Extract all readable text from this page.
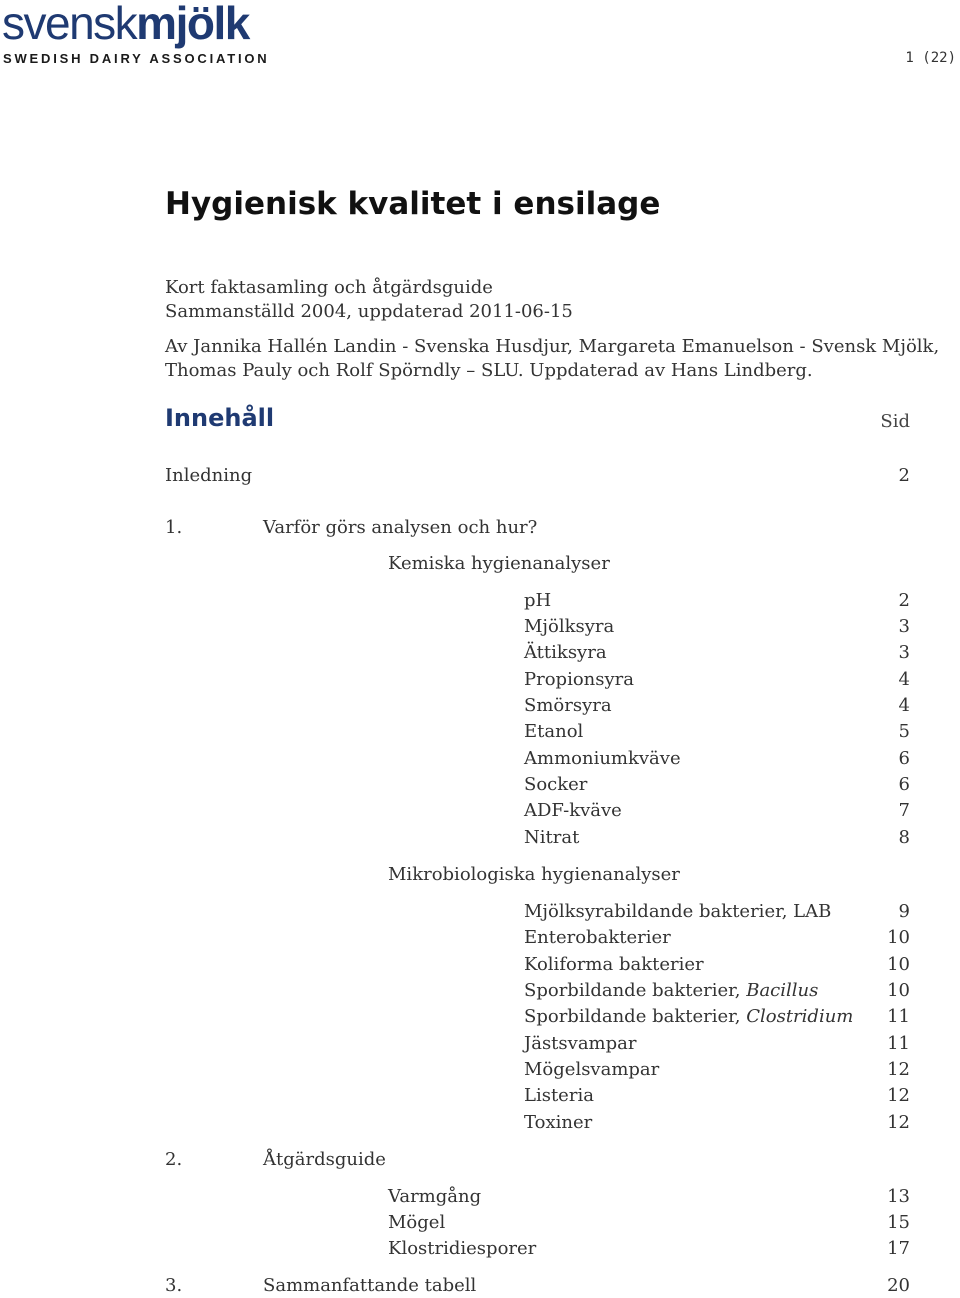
svenskmjölk
SWEDISH DAIRY ASSOCIATION	1 (22)
Hygienisk kvalitet i ensilage
Kort faktasamling och åtgärdsguide
Sammanställd 2004, uppdaterad 2011-06-15
Av Jannika Hallén Landin - Svenska Husdjur, Margareta Emanuelson - Svensk Mjölk,
Thomas Pauly och Rolf Spörndly – SLU. Uppdaterad av Hans Lindberg.
Innehåll	Sid
Inledning	2
1.	Varför görs analysen och hur?
Kemiska hygienanalyser
pH	2
Mjölksyra	3
Ättiksyra	3
Propionsyra	4
Smörsyra	4
Etanol	5
Ammoniumkväve	6
Socker	6
ADF-kväve	7
Nitrat	8
Mikrobiologiska hygienanalyser
Mjölksyrabildande bakterier, LAB	9
Enterobakterier	10
Koliforma bakterier	10
Sporbildande bakterier, Bacillus	10
Sporbildande bakterier, Clostridium 11
Jästsvampar	11
Mögelsvampar	12
Listeria	12
Toxiner	12
2.	Åtgärdsguide
Varmgång	13
Mögel	15
Klostridiesporer	17
3.	Sammanfattande tabell	20
